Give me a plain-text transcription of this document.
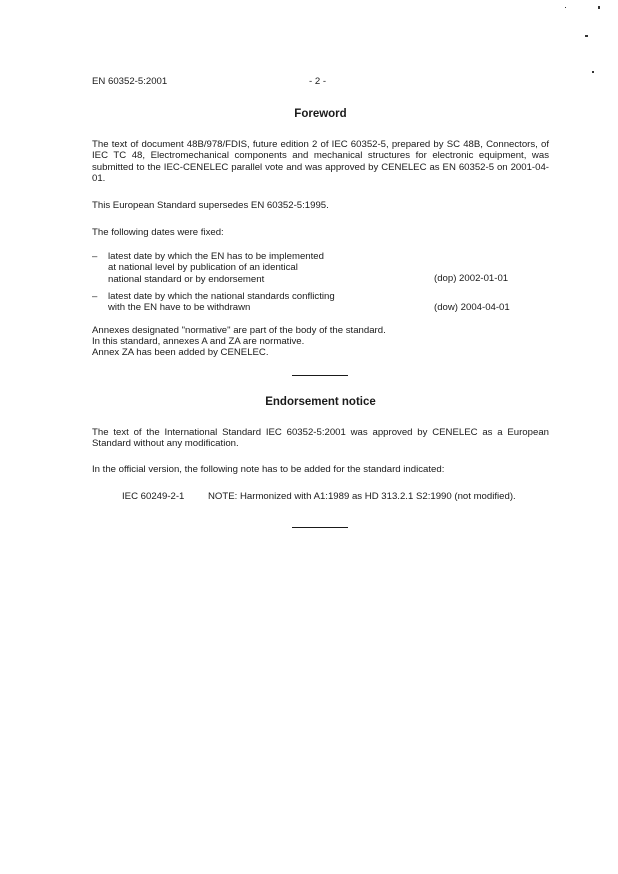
EN 60352-5:2001	- 2 -
Foreword
The text of document 48B/978/FDIS, future edition 2 of IEC 60352-5, prepared by SC 48B, Connectors, of IEC TC 48, Electromechanical components and mechanical structures for electronic equipment, was submitted to the IEC-CENELEC parallel vote and was approved by CENELEC as EN 60352-5 on 2001-04-01.
This European Standard supersedes EN 60352-5:1995.
The following dates were fixed:
– latest date by which the EN has to be implemented
at national level by publication of an identical
national standard or by endorsement	(dop) 2002-01-01
– latest date by which the national standards conflicting
with the EN have to be withdrawn	(dow) 2004-04-01
Annexes designated "normative" are part of the body of the standard.
In this standard, annexes A and ZA are normative.
Annex ZA has been added by CENELEC.
Endorsement notice
The text of the International Standard IEC 60352-5:2001 was approved by CENELEC as a European Standard without any modification.
In the official version, the following note has to be added for the standard indicated:
IEC 60249-2-1 NOTE: Harmonized with A1:1989 as HD 313.2.1 S2:1990 (not modified).
